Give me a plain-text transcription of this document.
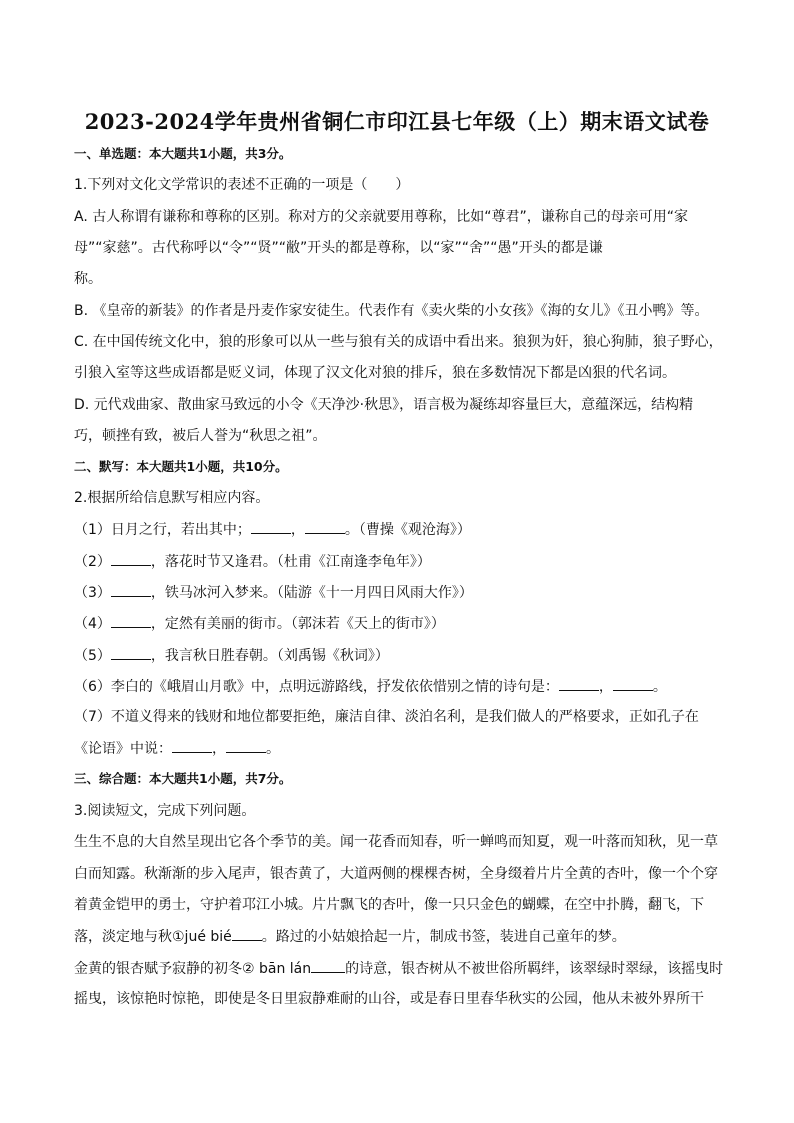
2023-2024学年贵州省铜仁市印江县七年级（上）期末语文试卷
一、单选题：本大题共1小题，共3分。
1.下列对文化文学常识的表述不正确的一项是（　　）
A. 古人称谓有谦称和尊称的区别。称对方的父亲就要用尊称，比如“尊君”，谦称自己的母亲可用“家
母”“家慈”。古代称呼以“令”“贤”“敝”开头的都是尊称，以“家”“舍”“愚”开头的都是谦
称。
B. 《皇帝的新装》的作者是丹麦作家安徒生。代表作有《卖火柴的小女孩》《海的女儿》《丑小鸭》等。
C. 在中国传统文化中，狼的形象可以从一些与狼有关的成语中看出来。狼狈为奸，狼心狗肺，狼子野心，
引狼入室等这些成语都是贬义词，体现了汉文化对狼的排斥，狼在多数情况下都是凶狠的代名词。
D. 元代戏曲家、散曲家马致远的小令《天净沙·秋思》，语言极为凝练却容量巨大，意蕴深远，结构精
巧，顿挫有致，被后人誉为“秋思之祖”。
二、默写：本大题共1小题，共10分。
2.根据所给信息默写相应内容。
（1）日月之行，若出其中；	，	。（曹操《观沧海》）
（2）	，落花时节又逢君。（杜甫《江南逢李龟年》）
（3）	，铁马冰河入梦来。（陆游《十一月四日风雨大作》）
（4）	，定然有美丽的街市。（郭沫若《天上的街市》）
（5）	，我言秋日胜春朝。（刘禹锡《秋词》）
（6）李白的《峨眉山月歌》中，点明远游路线，抒发依依惜别之情的诗句是：	，	。
（7）不道义得来的钱财和地位都要拒绝，廉洁自律、淡泊名利，是我们做人的严格要求，正如孔子在
《论语》中说：	，	。
三、综合题：本大题共1小题，共7分。
3.阅读短文，完成下列问题。
生生不息的大自然呈现出它各个季节的美。闻一花香而知春，听一蝉鸣而知夏，观一叶落而知秋，见一草
白而知露。秋渐渐的步入尾声，银杏黄了，大道两侧的棵棵杏树，全身缀着片片全黄的杏叶，像一个个穿
着黄金铠甲的勇士，守护着邛江小城。片片飘飞的杏叶，像一只只金色的蝴蝶，在空中扑腾，翻飞，下
落，淡定地与秋①jué bié 。路过的小姑娘拾起一片，制成书签，装进自己童年的梦。
金黄的银杏赋予寂静的初冬② bān lán 的诗意，银杏树从不被世俗所羁绊，该翠绿时翠绿，该摇曳时
摇曳，该惊艳时惊艳，即使是冬日里寂静难耐的山谷，或是春日里春华秋实的公园，他从未被外界所干
